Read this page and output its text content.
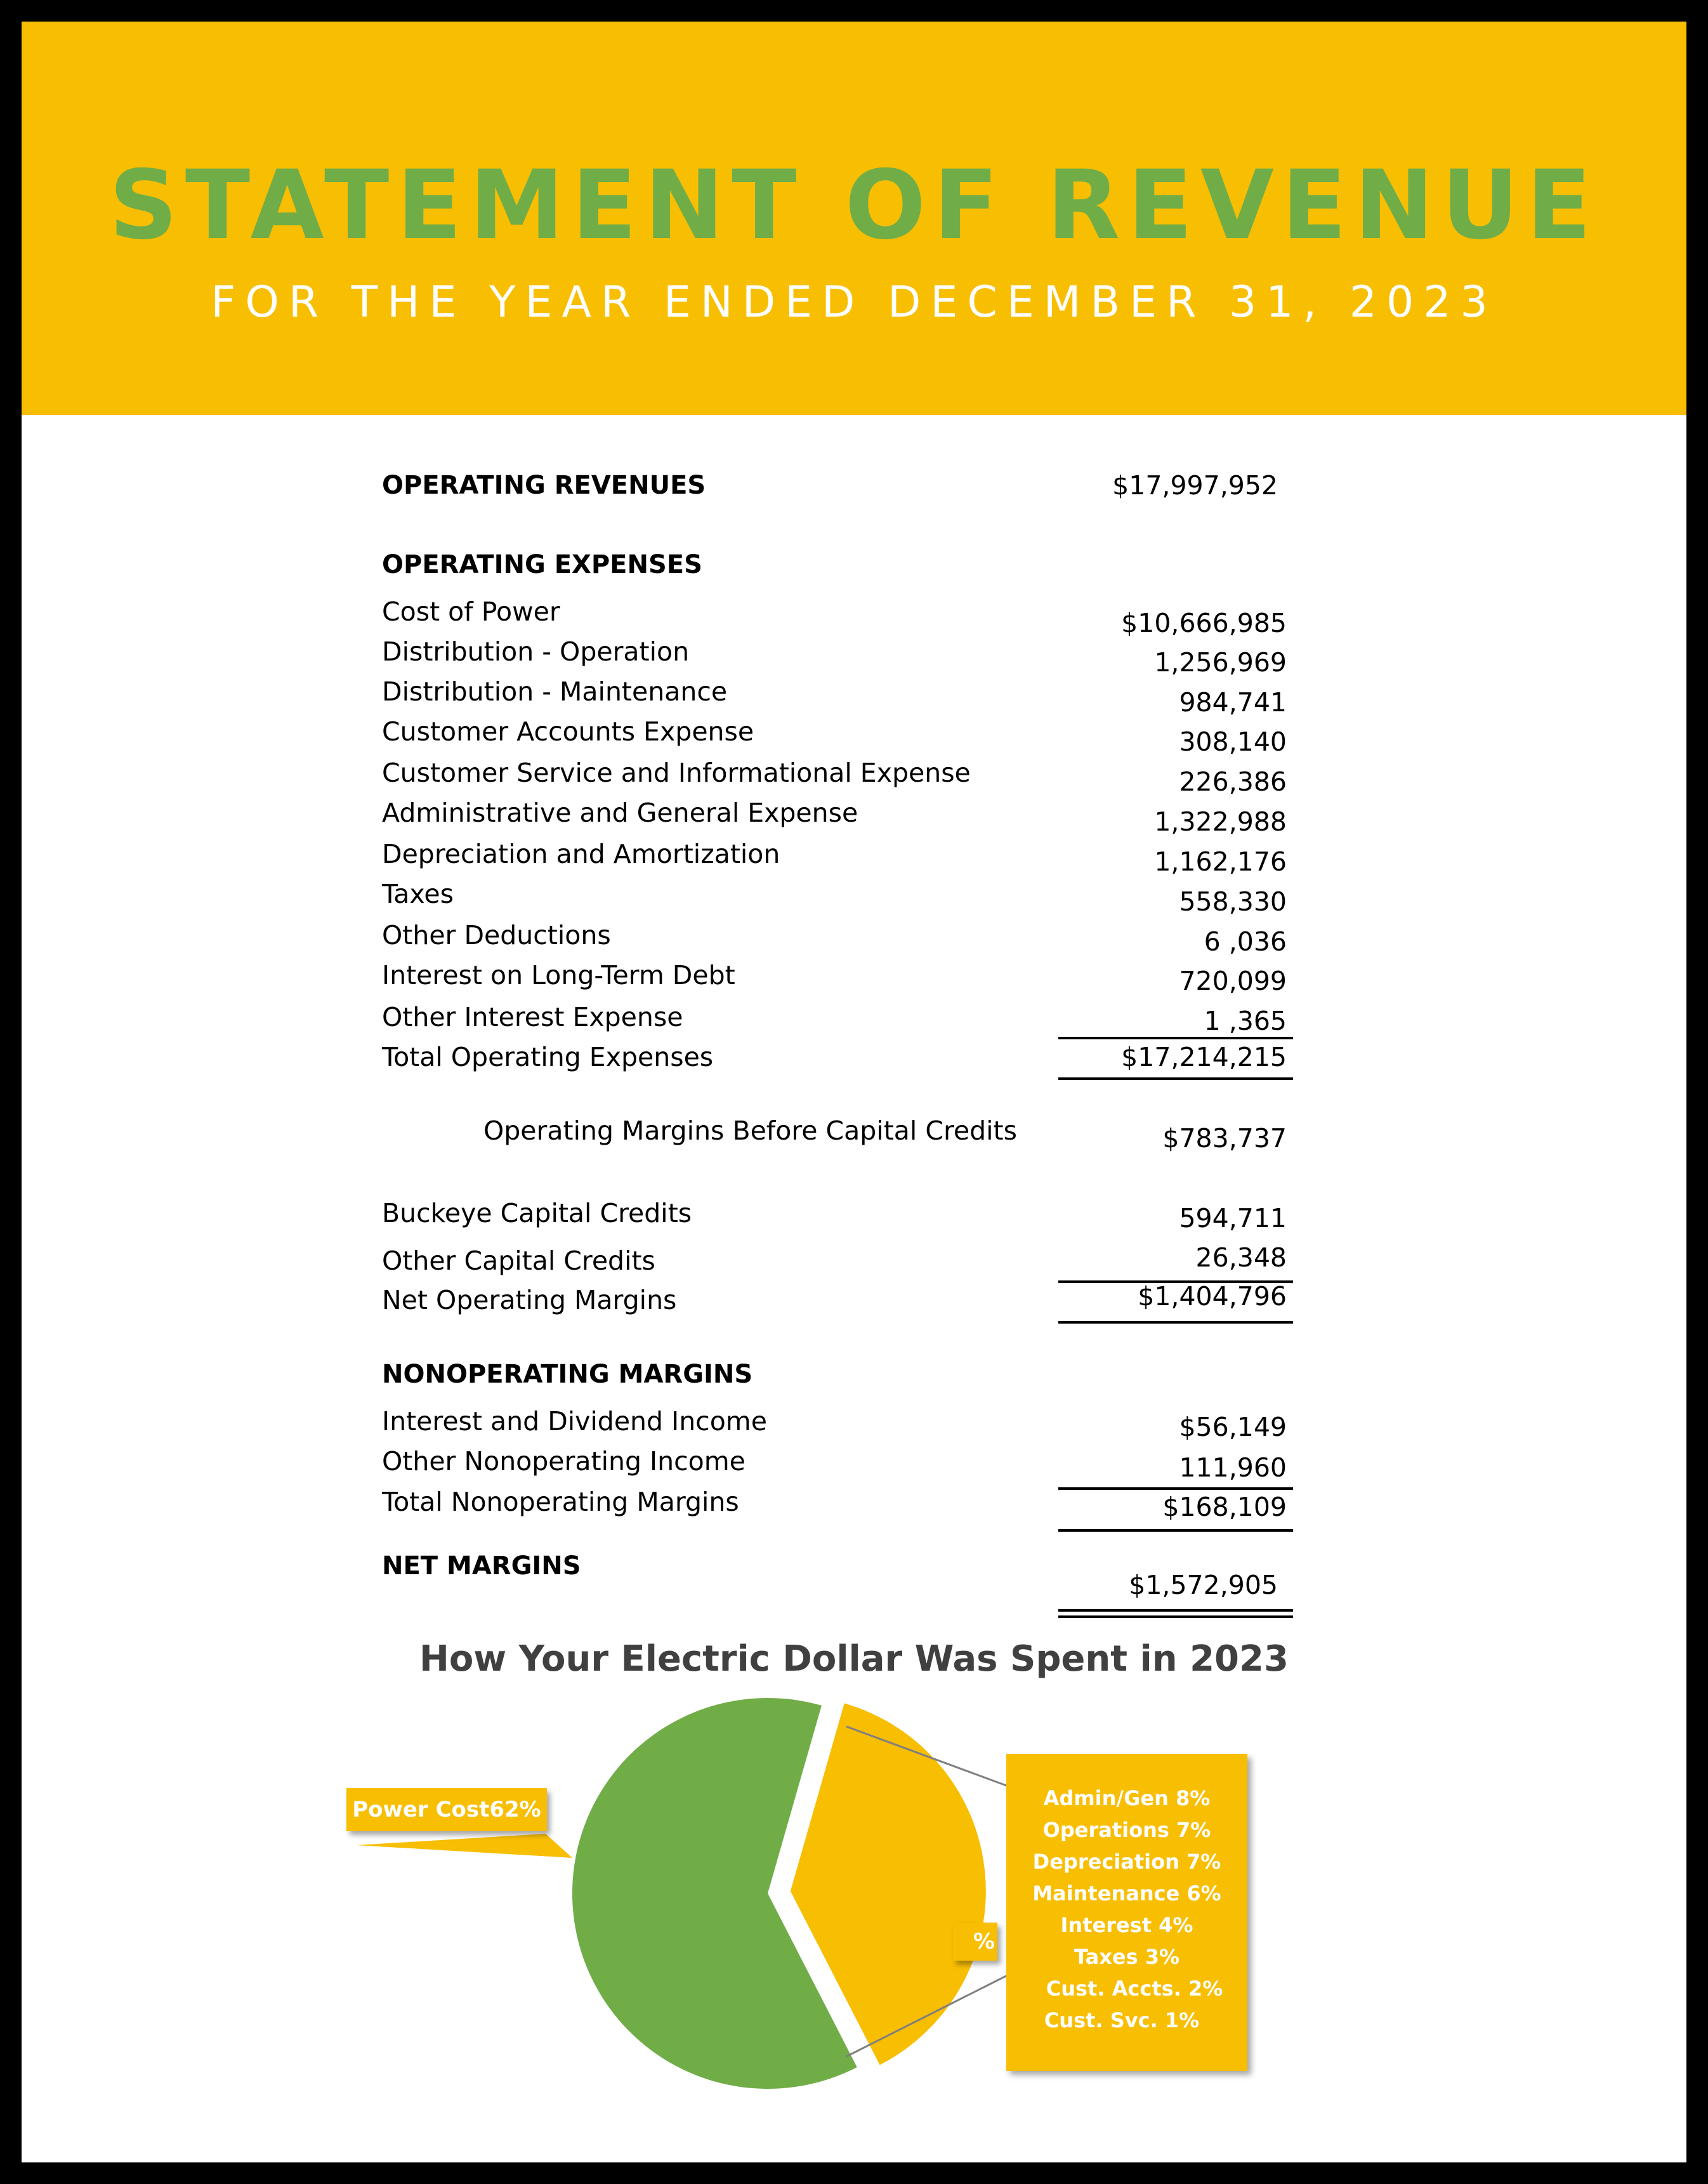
STATEMENT OF REVENUE
FOR THE YEAR ENDED DECEMBER 31, 2023
OPERATING REVENUES	$17,997,952
OPERATING EXPENSES
Cost of Power	$10,666,985
Distribution - Operation	1,256,969
Distribution - Maintenance	984,741
Customer Accounts Expense	308,140
Customer Service and Informational Expense	226,386
Administrative and General Expense	1,322,988
Depreciation and Amortization	1,162,176
Taxes	558,330
Other Deductions	6 ,036
Interest on Long-Term Debt	720,099
Other Interest Expense	1 ,365
Total Operating Expenses	$17,214,215
Operating Margins Before Capital Credits	$783,737
Buckeye Capital Credits	594,711
Other Capital Credits	26,348
Net Operating Margins	$1,404,796
NONOPERATING MARGINS
Interest and Dividend Income	$56,149
Other Nonoperating Income	111,960
Total Nonoperating Margins	$168,109
NET MARGINS
$1,572,905
How Your Electric Dollar Was Spent in 2023
Power Cost62%
%
Admin/Gen 8%
Operations 7%
Depreciation 7%
Maintenance 6%
Interest 4%
Taxes 3%
Cust. Accts. 2%
Cust. Svc. 1%
